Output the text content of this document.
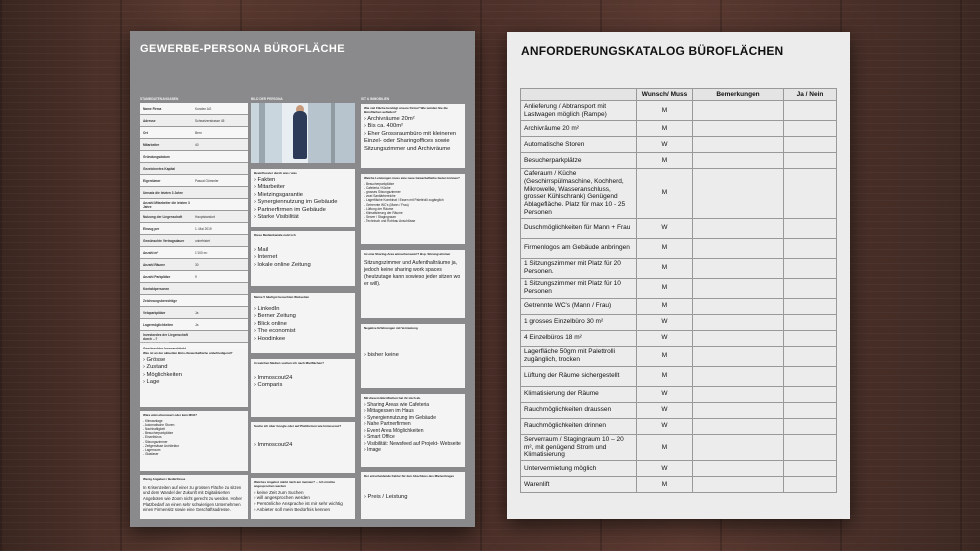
GEWERBE-PERSONA BÜROFLÄCHE
STAMMDATENANGABEN	BILD DER PERSONA	IST & IMMOBILIEN
Name Firma	Kunden AG
Adresse	Schweizerstrasse 45
Ort	Bern
Mitarbeiter	40
Gründungsdatum
Gezeichnetes Kapital
Eigentümer	Pascal Gümmler
Umsatz die letzten 3 Jahre
Anzahl Mitarbeiter die letzten 3 Jahre
Nutzung der Liegenschaft	Hauptstandort
Einzug per	1. Mai 2019
Gewünschte Vertragsdauer	unbefristet
Anzahl m²	1'100 m²
Anzahl Räume	30
Anzahl Parkplätze	9
Kontaktpersonen
Zeichnungsberechtige
Veloparkplätze	Ja
Lagermöglichkeiten	Ja
Investoedes der Liegenschaft durch ...?
DAS NEUE OFFICE
Was ist an der aktuellen Büro-/Gewerbefläche unbefriedigend?
› Grösse
› Zustand
› Möglichkeiten
› Lage
Wäre wünschenswert oder kein MUß?
- Klimaanlage
- Automatische Storen
- Nachhaltigkeit
- Besucherparkplätze
- Einzelbüros
- Sitzungszimmer
- Zeitgemässe Architektur
- Lagerraum
- Glasfaser
Wenig Angaben / Bedürfnisse
In Krisenzeiten auf einer zu grossen Fläche zu sitzen und dem Wandel der Zukunft mit Digitalisierten Angeboten wie Zoom nicht gerecht zu werden. Hoher Platzbedarf an einen sehr schwierigen Unternehmen einen Firmensitz sowie eine Geschäftsadresse.
Beeinflusster durch was / was
› Fakten
› Mitarbeiter
› Mietzingsgarantie
› Synergiennutzung im Gebäude
› Partnerfirmen im Gebäude
› Starke Visibilität
Diese Medienkanäle nutzt ich
› Mail
› Internet
› lokale online Zeitung
Meine 5 häufigst besuchten Webseiten
› LinkedIn
› Berner Zeitung
› Blick online
› The economist
› Hoodinkee
In welchen Medien suchen ich nach Mietflächen?
› Immoscout24
› Comparis
Suche ich über Google oder auf Plattformen wie Immoscout?
› Immoscout24
Welches Angebot stärkt mich am meisten? ... Ich möchte angesprochen werden
› keine Zeit zum Suchen
› will angesprochen werden
› Persönliche Ansprache ist mir sehr wichtig
› Anbieter soll mein Bedürfnis kennen
Wie viel Fläche benötigt unsere Firma? Wie würden Sie die Büroflächen aufteilen?
› Archivräume 20m²
› Bis ca. 400m²
› Eher Grossraumbüro mit kleineren Einzel- oder Sharingoffices sowie Sitzungszimmer und Archivräume
Welche Leistungen muss eine neue Gewerbefläche bieten können?
- Besucherparkplätze
- Cafeteria / Küche
- grosses Sitzungszimmer
- zwei Sanitärbereiche
- Lagerfläche Kombinat / Essen mit Palettrolli zugänglich
- Getrennte WC's (Mann / Frau)
- Lüftung der Räume
- Klimatisierung der Räume
- Server / Stagingraum
- Technisch und Rohbau Anschlüsse
Ist eine Sharing-Area wünschenswert? Bsp. Sitzungszimmer
Sitzungszimmer und Aufenthalträume ja, jedoch keine sharing work spaces (heutzutage kann sowieso jeder sitzen wo er will).
Negative Erfahrungen mit Vermietung
› bisher keine
Mit diesem Büroflächen hat ihr mich ab.
› Sharing Areas wie Cafeteria
› Mittagessen im Haus
› Synergiennutzung im Gebäude
› Nahe Partnerfirmen
› Event Area Möglichkeiten
› Smart Office
› Visibilität: Newsfeed auf Projekt- Webseite
› Image
Der entscheidende Faktor für den Abschluss des Mietvertrages
› Preis / Leistung
ANFORDERUNGSKATALOG BÜROFLÄCHEN
	Wunsch/ Muss	Bemerkungen	Ja / Nein
Anlieferung / Abtransport mit Lastwagen möglich (Rampe)	M		
Archivräume 20 m²	M		
Automatische Storen	W		
Besucherparkplätze	M		
Caferaum / Küche (Geschirrspülmaschine, Kochherd, Mikrowelle, Wasseranschluss, grosser Kühlschrank) Genügend Ablagefläche. Platz für max 10 - 25 Personen	M		
Duschmöglichkeiten für Mann + Frau	W		
Firmenlogos am Gebäude anbringen	M		
1 Sitzungszimmer mit Platz für 20 Personen.	M		
1 Sitzungszimmer mit Platz für 10 Personen	M		
Getrennte WC's (Mann / Frau)	M		
1 grosses Einzelbüro 30 m²	W		
4 Einzelbüros 18 m²	W		
Lagerfläche 50gm mit Palettrolli zugänglich, trocken	M		
Lüftung der Räume sichergestellt	M		
Klimatisierung der Räume	W		
Rauchmöglichkeiten draussen	W		
Rauchmöglichkeiten drinnen	W		
Serverraum / Stagingraum 10 – 20 m², mit genügend Strom und Klimatisierung	M		
Untervermietung möglich	W		
Warenlift	M		
